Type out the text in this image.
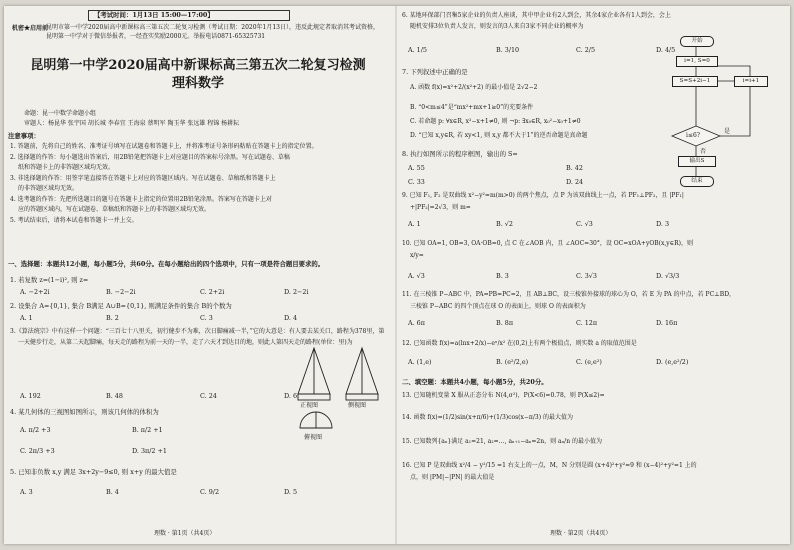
【考试时间：1月13日 15:00—17:00】
机密★启用前
昆明市第一中学2020届高中新课标高三第五次二轮复习检测（考试日期：2020年1月13日），违反此规定者取消其考试资格，
昆明第一中学对于微信举报者，一经查实奖励2000元。举报电话0871-65325731
昆明第一中学2020届高中新课标高三第五次二轮复习检测
理科数学
命题：昆一中数学命题小组
审题人：杨昆华 张宇国 胡长城 李春宜 王海泉 蔡明军 陶玉华 张远雄 程锦 杨耕耘
注意事项：
1. 答题前，先将自己的姓名、准考证号填写在试题卷和答题卡上，并将准考证号条形码粘贴在答题卡上的指定位置。
2. 选择题的作答：每小题选出答案后，用2B铅笔把答题卡上对应题目的答案标号涂黑。写在试题卷、草稿
纸和答题卡上的非答题区域均无效。
3. 非选择题的作答：用签字笔直接答在答题卡上对应的答题区域内。写在试题卷、草稿纸和答题卡上
的非答题区域均无效。
4. 选考题的作答：先把所选题目的题号在答题卡上指定的位置用2B铅笔涂黑。答案写在答题卡上对
应的答题区域内，写在试题卷、草稿纸和答题卡上的非答题区域均无效。
5. 考试结束后，请将本试卷和答题卡一并上交。
一、选择题：本题共12小题，每小题5分，共60分。在每小题给出的四个选项中，只有一项是符合题目要求的。
1. 若复数 z=(1−i)², 则 z=
A. −2+2i	B. −2−2i	C. 2+2i	D. 2−2i
2. 设集合 A={0,1}, 集合 B满足 A∪B={0,1}, 则满足条件的集合 B的个数为
A. 1	B. 2	C. 3	D. 4
3.《算法统宗》中有这样一个问题：“三百七十八里关，初行健步不为难，次日脚痛减一半，”它的大意是：有人要去某关口，路程为378里，第
一天健步行走，从第二天起脚痛，每天走的路程为前一天的一半，走了六天才到达目的地，则此人第四天走的路程(单位：里)为
A. 192	B. 48	C. 24	D. 6
4. 某几何体的三视图如图所示，则该几何体的体积为
A. π/2 +3	B. π/2 +1
C. 2π/3 +3	D. 3π/2 +1
5. 已知非负数 x,y 满足 3x+2y−9≤0, 则 x+y 的最大值是
A. 3	B. 4	C. 9/2	D. 5
正视图	侧视图
俯视图
理数 · 第1页（共4页）
6. 某地环保部门召集5家企业的负责人座谈，其中甲企业有2人到会，其余4家企业各有1人到会，会上
随机安排3位负责人发言，则发言的3人来自3家不同企业的概率为
A. 1/5	B. 3/10	C. 2/5	D. 4/5
7. 下列叙述中正确的是
A. 函数 f(x)=x²+2/(x²+2) 的最小值是 2√2−2
B. “0<m≤4”是“mx²+mx+1≥0”的充要条件
C. 若命题 p: ∀x∈R, x²−x+1≠0, 则 ¬p: ∃x₀∈R, x₀²−x₀+1≠0
D. “已知 x,y∈R, 若 xy<1, 则 x,y 都不大于1”的逆否命题是真命题
8. 执行如图所示的程序框图，输出的 S=
A. 55	B. 42
C. 33	D. 24
开始
i=1, S=0
S=S+2i−1	i=i+1
i≤6?
是
否
输出S
结束
9. 已知 F₁, F₂ 是双曲线 x²−y²=m(m>0) 的两个焦点，点 P 为该双曲线上一点，若 PF₁⊥PF₂，且 |PF₁|
+|PF₂|=2√3，则 m=
A. 1	B. √2	C. √3	D. 3
10. 已知 OA=1, OB=3, OA·OB=0, 点 C 在∠AOB 内，且 ∠AOC=30°，设 OC=xOA+yOB(x,y∈R)，则
x/y=
A. √3	B. 3	C. 3√3	D. √3/3
11. 在三棱锥 P−ABC 中，PA=PB=PC=2，且 AB⊥BC，设三棱锥外接球的球心为 O，若 E 为 PA 的中点，若 PC⊥BD，
三棱锥 P−ABC 的四个顶点在球 O 的表面上，则球 O 的表面积为
A. 6π	B. 8π	C. 12π	D. 16π
12. 已知函数 f(x)=a(lnx+2/x)−eˣ/x² 在(0,2)上有两个极值点，则实数 a 的取值范围是
A. (1,e)	B. (e²/2,e)	C. (e,e²)	D. (e,e²/2)
二、填空题：本题共4小题，每小题5分，共20分。
13. 已知随机变量 X 服从正态分布 N(4,σ²)，P(X<6)=0.78，则 P(X≤2)=
14. 函数 f(x)=(1/2)sin(x+π/6)+(1/3)cos(x−π/3) 的最大值为
15. 已知数列{aₙ}满足 a₁=21, a₂=…, aₙ₊₁−aₙ=2n，则 aₙ/n 的最小值为
16. 已知 P 是双曲线 x²/4 − y²/15 =1 右支上的一点，M，N 分别是圆 (x+4)²+y²=9 和 (x−4)²+y²=1 上的
点，则 |PM|−|PN| 的最大值是
理数 · 第2页（共4页）
